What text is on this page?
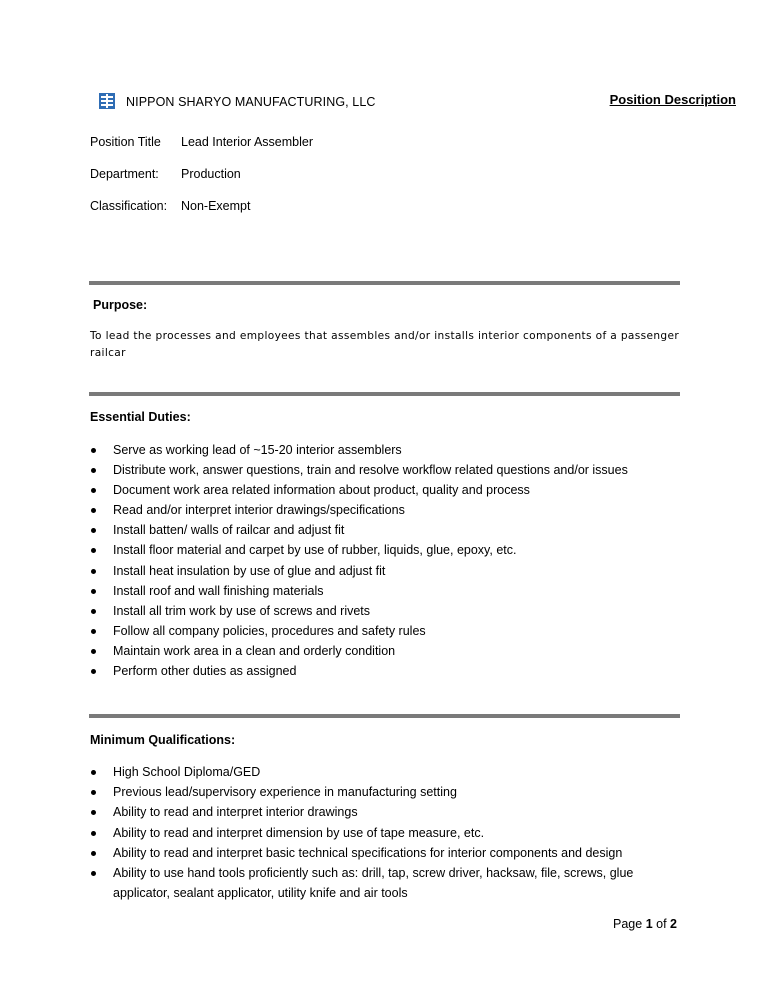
NIPPON SHARYO MANUFACTURING, LLC	Position Description
Position Title Lead Interior Assembler
Department: Production
Classification: Non-Exempt
Purpose:
To lead the processes and employees that assembles and/or installs interior components of a passenger railcar
Essential Duties:
Serve as working lead of ~15-20 interior assemblers
Distribute work, answer questions, train and resolve workflow related questions and/or issues
Document work area related information about product, quality and process
Read and/or interpret interior drawings/specifications
Install batten/ walls of railcar and adjust fit
Install floor material and carpet by use of rubber, liquids, glue, epoxy, etc.
Install heat insulation by use of glue and adjust fit
Install roof and wall finishing materials
Install all trim work by use of screws and rivets
Follow all company policies, procedures and safety rules
Maintain work area in a clean and orderly condition
Perform other duties as assigned
Minimum Qualifications:
High School Diploma/GED
Previous lead/supervisory experience in manufacturing setting
Ability to read and interpret interior drawings
Ability to read and interpret dimension by use of tape measure, etc.
Ability to read and interpret basic technical specifications for interior components and design
Ability to use hand tools proficiently such as: drill, tap, screw driver, hacksaw, file, screws, glue applicator, sealant applicator, utility knife and air tools
Page 1 of 2
